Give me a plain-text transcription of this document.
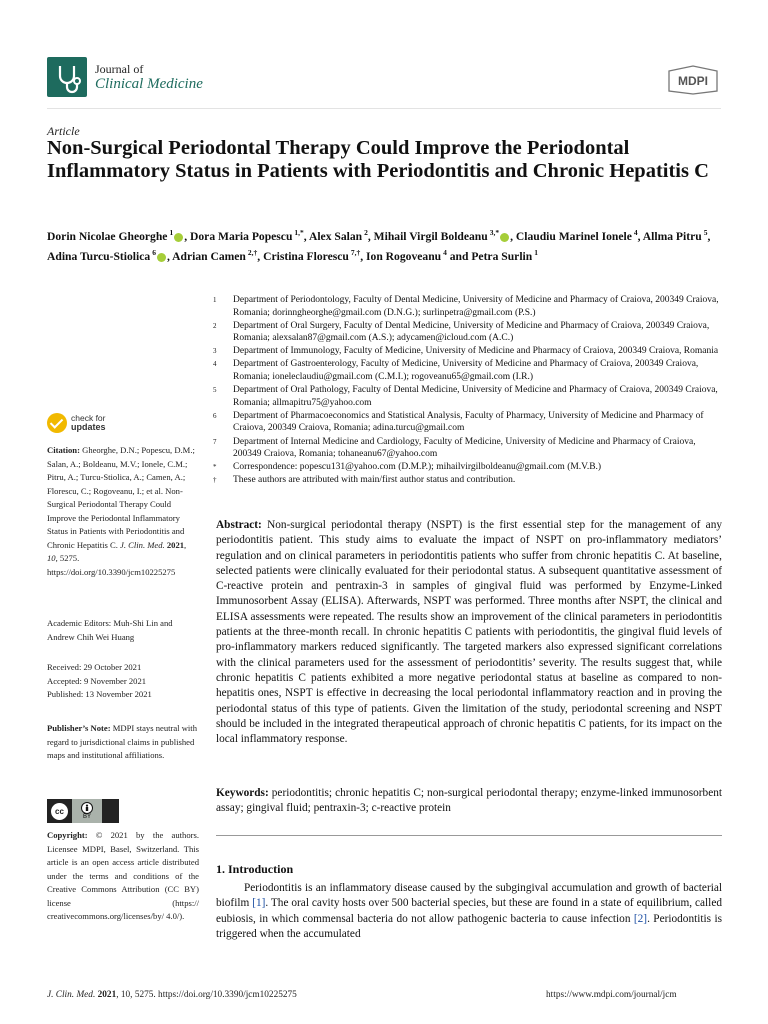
Journal of
Clinical Medicine	MDPI
Article
Non-Surgical Periodontal Therapy Could Improve the Periodontal Inflammatory Status in Patients with Periodontitis and Chronic Hepatitis C
Dorin Nicolae Gheorghe $^1$ , Dora Maria Popescu $^{1,*}$, Alex Salan $^2$, Mihail Virgil Boldeanu $^{3,*}$ , Claudiu Marinel Ionele $^4$, Allma Pitru $^5$, Adina Turcu-Stiolica $^6$ , Adrian Camen $^{2,\dagger}$, Cristina Florescu $^{7,\dagger}$, Ion Rogoveanu $^4$ and Petra Surlin $^1$
1	Department of Periodontology, Faculty of Dental Medicine, University of Medicine and Pharmacy of Craiova, 200349 Craiova, Romania; dorinngheorghe@gmail.com (D.N.G.); surlinpetra@gmail.com (P.S.)
2	Department of Oral Surgery, Faculty of Dental Medicine, University of Medicine and Pharmacy of Craiova, 200349 Craiova, Romania; alexsalan87@gmail.com (A.S.); adycamen@icloud.com (A.C.)
3	Department of Immunology, Faculty of Medicine, University of Medicine and Pharmacy of Craiova, 200349 Craiova, Romania
4	Department of Gastroenterology, Faculty of Medicine, University of Medicine and Pharmacy of Craiova, 200349 Craiova, Romania; ioneleclaudiu@gmail.com (C.M.I.); rogoveanu65@gmail.com (I.R.)
5	Department of Oral Pathology, Faculty of Dental Medicine, University of Medicine and Pharmacy of Craiova, 200349 Craiova, Romania; allmapitru75@yahoo.com
6	Department of Pharmacoeconomics and Statistical Analysis, Faculty of Pharmacy, University of Medicine and Pharmacy of Craiova, 200349 Craiova, Romania; adina.turcu@gmail.com
7	Department of Internal Medicine and Cardiology, Faculty of Medicine, University of Medicine and Pharmacy of Craiova, 200349 Craiova, Romania; tohaneanu67@yahoo.com
*	Correspondence: popescu131@yahoo.com (D.M.P.); mihailvirgilboldeanu@gmail.com (M.V.B.)
†	These authors are attributed with main/first author status and contribution.
check for
updates
Citation: Gheorghe, D.N.; Popescu, D.M.; Salan, A.; Boldeanu, M.V.; Ionele, C.M.; Pitru, A.; Turcu-Stiolica, A.; Camen, A.; Florescu, C.; Rogoveanu, I.; et al. Non-Surgical Periodontal Therapy Could Improve the Periodontal Inflammatory Status in Patients with Periodontitis and Chronic Hepatitis C. J. Clin. Med. 2021, 10, 5275. https://doi.org/10.3390/jcm10225275
Academic Editors: Muh-Shi Lin and Andrew Chih Wei Huang
Received: 29 October 2021
Accepted: 9 November 2021
Published: 13 November 2021
Publisher’s Note: MDPI stays neutral with regard to jurisdictional claims in published maps and institutional affiliations.
cc
BY
Copyright: © 2021 by the authors. Licensee MDPI, Basel, Switzerland. This article is an open access article distributed under the terms and conditions of the Creative Commons Attribution (CC BY) license (https:// creativecommons.org/licenses/by/ 4.0/).
Abstract: Non-surgical periodontal therapy (NSPT) is the first essential step for the management of any periodontitis patient. This study aims to evaluate the impact of NSPT on pro-inflammatory mediators’ regulation and on clinical parameters in periodontitis patients who suffer from chronic hepatitis C. At baseline, selected patients were clinically evaluated for their periodontal status. A subsequent quantitative assessment of C-reactive protein and pentraxin-3 in samples of gingival fluid was performed by Enzyme-Linked Immunosorbent Assay (ELISA). Afterwards, NSPT was performed. Three months after NSPT, the clinical and ELISA assessments were repeated. The results show an improvement of the clinical parameters in periodontitis patients at the three-month recall. In chronic hepatitis C patients with periodontitis, the gingival fluid levels of pro-inflammatory markers reduced significantly. The targeted markers also expressed significant correlations with the clinical parameters used for the assessment of periodontitis’ severity. The results suggest that, while chronic hepatitis C patients exhibited a more negative periodontal status at baseline as compared to non-hepatitis ones, NSPT is effective in decreasing the local periodontal inflammatory reaction and in proving the periodontal status of this type of patients. Given the limitation of the study, periodontal screening and NSPT should be included in the integrated therapeutical approach of chronic hepatitis C patients, for its impact on the local inflammatory response.
Keywords: periodontitis; chronic hepatitis C; non-surgical periodontal therapy; enzyme-linked immunosorbent assay; gingival fluid; pentraxin-3; c-reactive protein
1. Introduction
Periodontitis is an inflammatory disease caused by the subgingival accumulation and growth of bacterial biofilm [1]. The oral cavity hosts over 500 bacterial species, but these are found in a state of equilibrium, called eubiosis, in which commensal bacteria do not allow pathogenic bacteria to cause infection [2]. Periodontitis is triggered when the accumulated
J. Clin. Med. 2021, 10, 5275. https://doi.org/10.3390/jcm10225275	https://www.mdpi.com/journal/jcm
